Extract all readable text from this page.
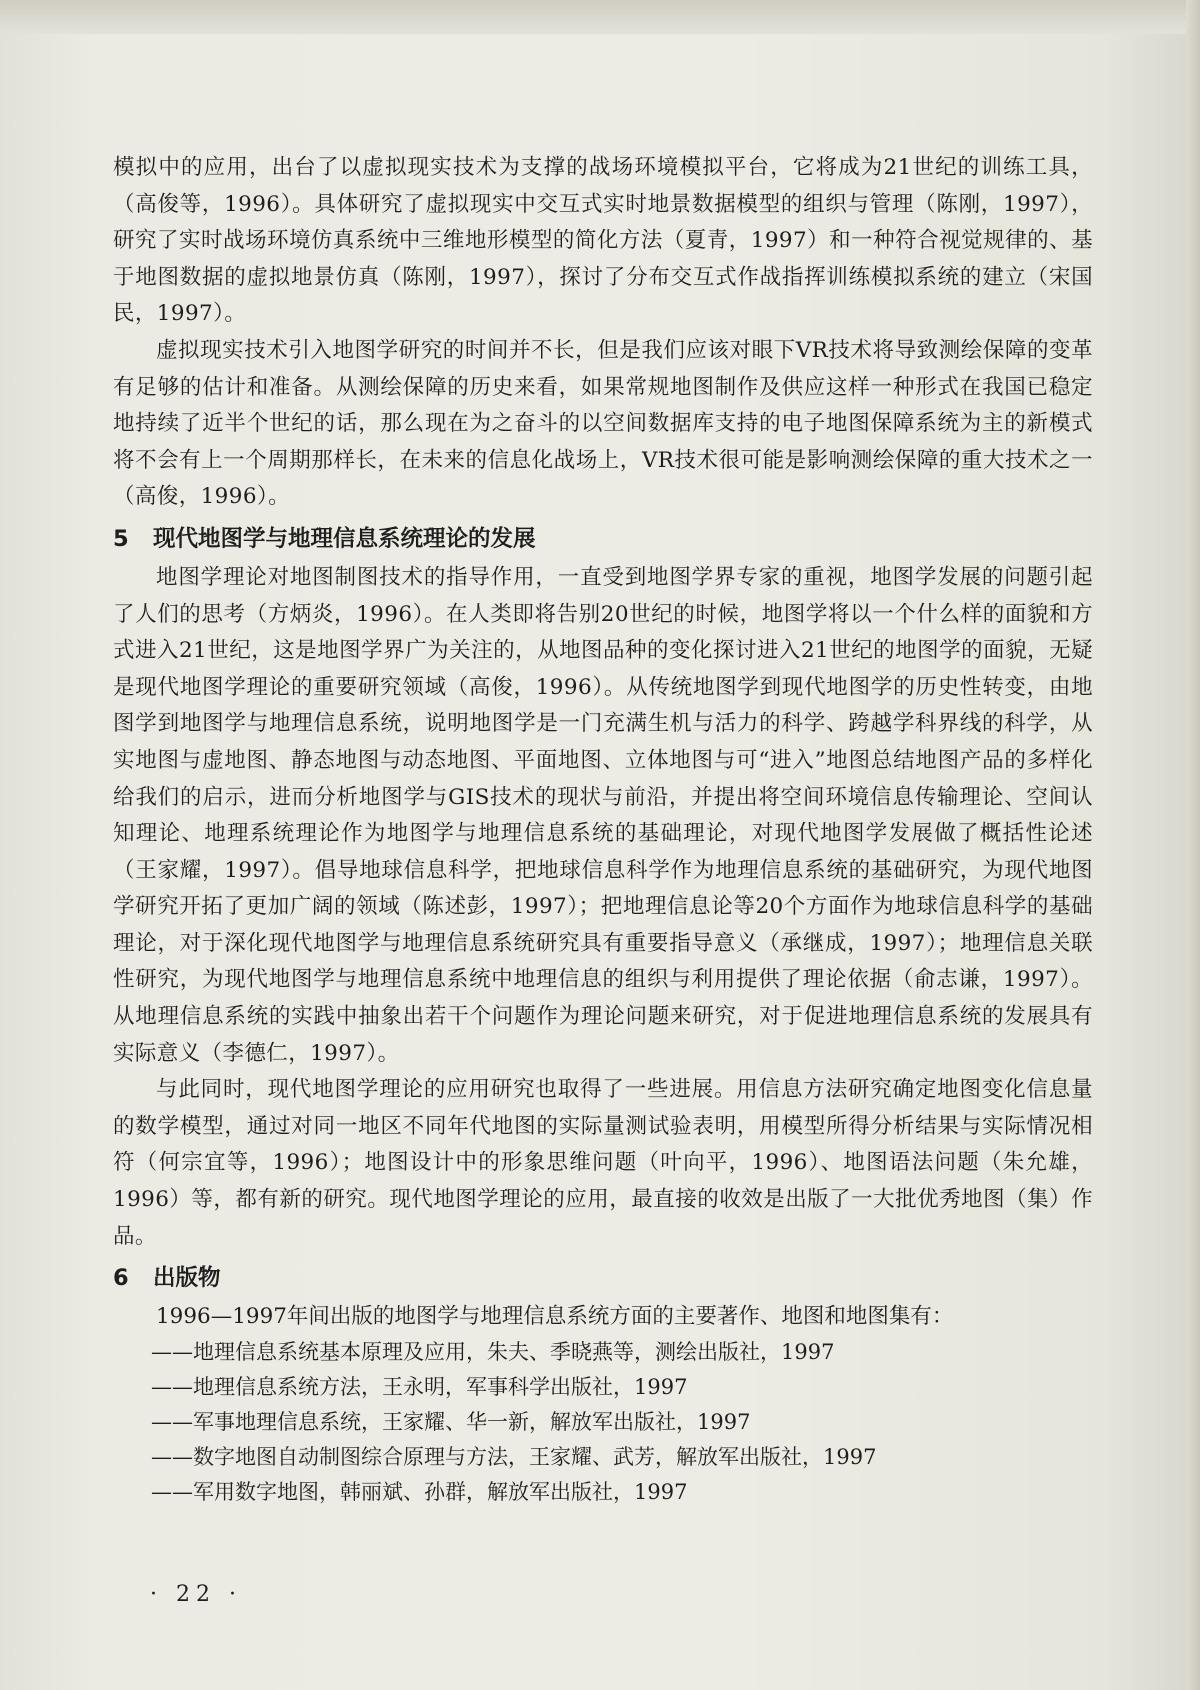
模拟中的应用，出台了以虚拟现实技术为支撑的战场环境模拟平台，它将成为21世纪的训练工具，（高俊等，1996）。具体研究了虚拟现实中交互式实时地景数据模型的组织与管理（陈刚，1997），研究了实时战场环境仿真系统中三维地形模型的简化方法（夏青，1997）和一种符合视觉规律的、基于地图数据的虚拟地景仿真（陈刚，1997），探讨了分布交互式作战指挥训练模拟系统的建立（宋国民，1997）。

虚拟现实技术引入地图学研究的时间并不长，但是我们应该对眼下VR技术将导致测绘保障的变革有足够的估计和准备。从测绘保障的历史来看，如果常规地图制作及供应这样一种形式在我国已稳定地持续了近半个世纪的话，那么现在为之奋斗的以空间数据库支持的电子地图保障系统为主的新模式将不会有上一个周期那样长，在未来的信息化战场上，VR技术很可能是影响测绘保障的重大技术之一（高俊，1996）。

5 现代地图学与地理信息系统理论的发展

地图学理论对地图制图技术的指导作用，一直受到地图学界专家的重视，地图学发展的问题引起了人们的思考（方炳炎，1996）。在人类即将告别20世纪的时候，地图学将以一个什么样的面貌和方式进入21世纪，这是地图学界广为关注的，从地图品种的变化探讨进入21世纪的地图学的面貌，无疑是现代地图学理论的重要研究领域（高俊，1996）。从传统地图学到现代地图学的历史性转变，由地图学到地图学与地理信息系统，说明地图学是一门充满生机与活力的科学、跨越学科界线的科学，从实地图与虚地图、静态地图与动态地图、平面地图、立体地图与可“进入”地图总结地图产品的多样化给我们的启示，进而分析地图学与GIS技术的现状与前沿，并提出将空间环境信息传输理论、空间认知理论、地理系统理论作为地图学与地理信息系统的基础理论，对现代地图学发展做了概括性论述（王家耀，1997）。倡导地球信息科学，把地球信息科学作为地理信息系统的基础研究，为现代地图学研究开拓了更加广阔的领域（陈述彭，1997）；把地理信息论等20个方面作为地球信息科学的基础理论，对于深化现代地图学与地理信息系统研究具有重要指导意义（承继成，1997）；地理信息关联性研究，为现代地图学与地理信息系统中地理信息的组织与利用提供了理论依据（俞志谦，1997）。从地理信息系统的实践中抽象出若干个问题作为理论问题来研究，对于促进地理信息系统的发展具有实际意义（李德仁，1997）。

与此同时，现代地图学理论的应用研究也取得了一些进展。用信息方法研究确定地图变化信息量的数学模型，通过对同一地区不同年代地图的实际量测试验表明，用模型所得分析结果与实际情况相符（何宗宜等，1996）；地图设计中的形象思维问题（叶向平，1996）、地图语法问题（朱允雄，1996）等，都有新的研究。现代地图学理论的应用，最直接的收效是出版了一大批优秀地图（集）作品。

6 出版物
1996—1997年间出版的地图学与地理信息系统方面的主要著作、地图和地图集有：
——地理信息系统基本原理及应用，朱夫、季晓燕等，测绘出版社，1997
——地理信息系统方法，王永明，军事科学出版社，1997
——军事地理信息系统，王家耀、华一新，解放军出版社，1997
——数字地图自动制图综合原理与方法，王家耀、武芳，解放军出版社，1997
——军用数字地图，韩丽斌、孙群，解放军出版社，1997
· 22 ·
